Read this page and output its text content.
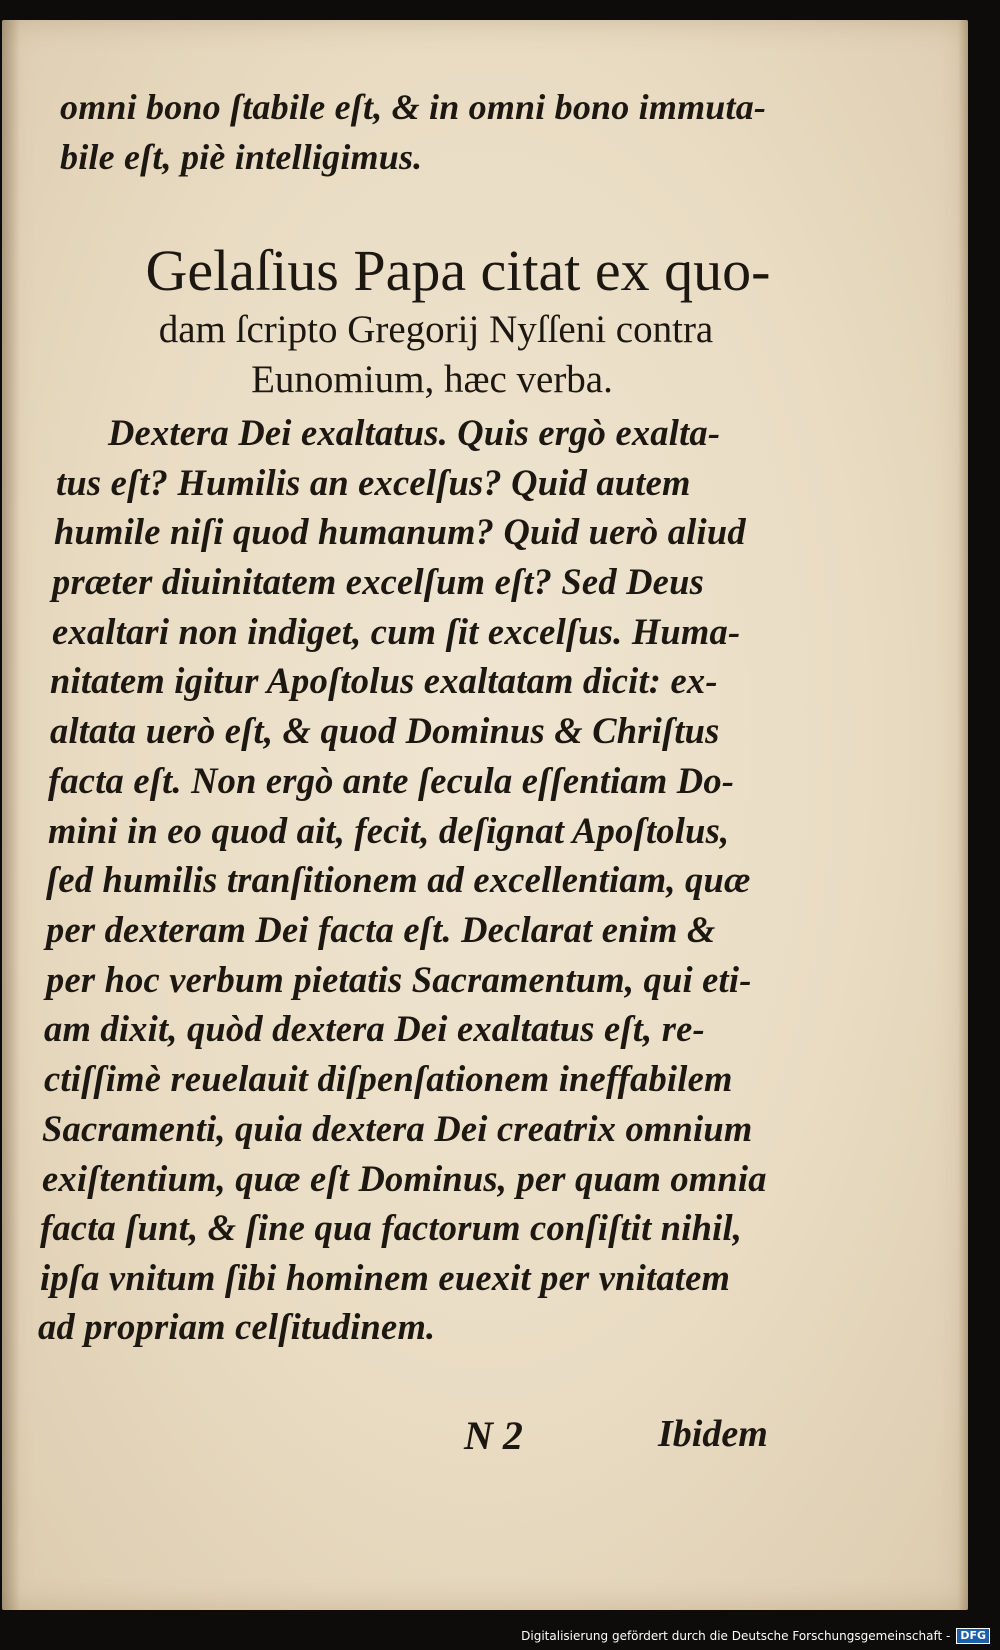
omni bono ſtabile eſt, & in omni bono immuta-
bile eſt, piè intelligimus.
Gelaſius Papa citat ex quo-
dam ſcripto Gregorij Nyſſeni contra
Eunomium, hæc verba.
Dextera Dei exaltatus. Quis ergò exalta-
tus eſt? Humilis an excelſus? Quid autem
humile niſi quod humanum? Quid uerò aliud
præter diuinitatem excelſum eſt? Sed Deus
exaltari non indiget, cum ſit excelſus. Huma-
nitatem igitur Apoſtolus exaltatam dicit: ex-
altata uerò eſt, & quod Dominus & Chriſtus
facta eſt. Non ergò ante ſecula eſſentiam Do-
mini in eo quod ait, fecit, deſignat Apoſtolus,
ſed humilis tranſitionem ad excellentiam, quæ
per dexteram Dei facta eſt. Declarat enim &
per hoc verbum pietatis Sacramentum, qui eti-
am dixit, quòd dextera Dei exaltatus eſt, re-
ctiſſimè reuelauit diſpenſationem ineffabilem
Sacramenti, quia dextera Dei creatrix omnium
exiſtentium, quæ eſt Dominus, per quam omnia
facta ſunt, & ſine qua factorum conſiſtit nihil,
ipſa vnitum ſibi hominem euexit per vnitatem
ad propriam celſitudinem.
N 2	Ibidem
Digitalisierung gefördert durch die Deutsche Forschungsgemeinschaft - DFG
